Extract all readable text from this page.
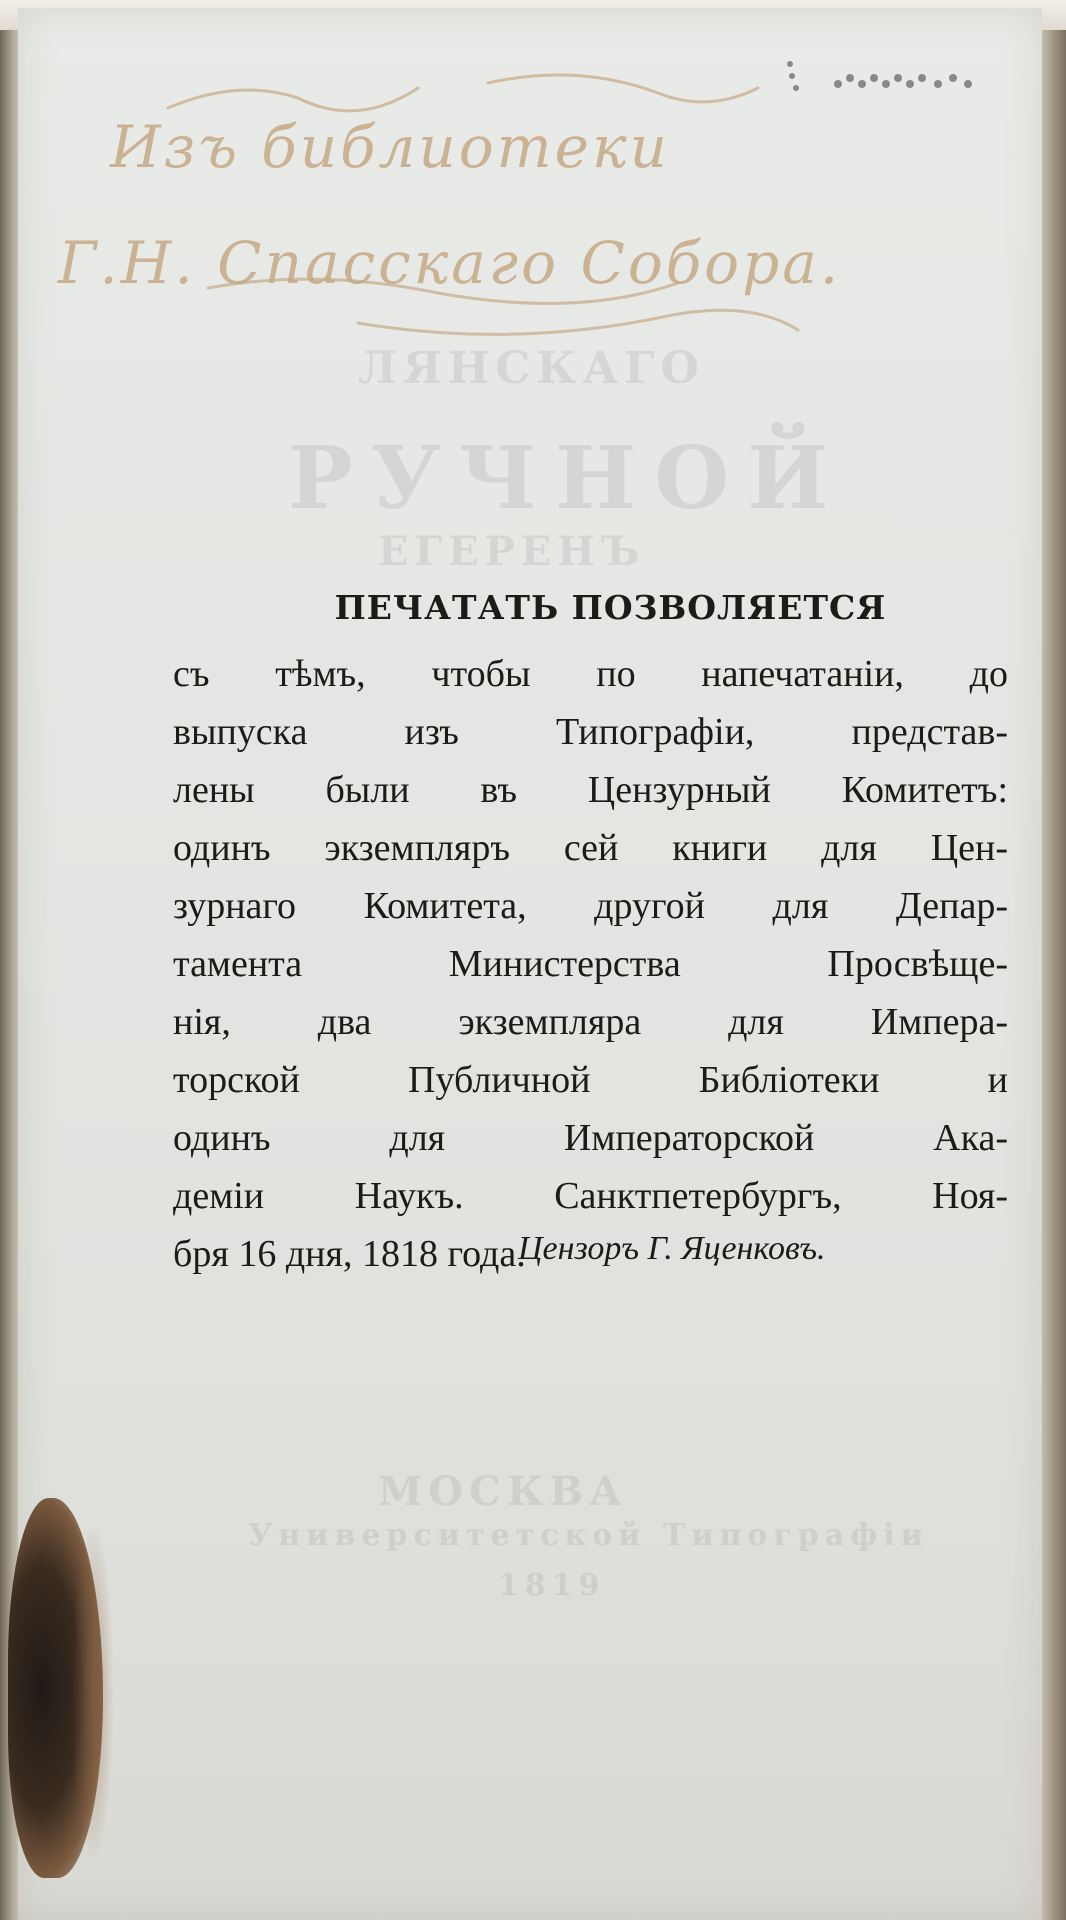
ЛЯНСКАГО
РУЧНОЙ
ЕГЕРЕНЪ
МОСКВА
Университетской Типографiи
1819
Изъ библиотеки
Г.Н. Спасскаго Собора.
ПЕЧАТАТЬ ПОЗВОЛЯЕТСЯ
съ тѣмъ, чтобы по напечатанiи, до
выпуска изъ Типографiи, представ-
лены были въ Цензурный Комитетъ:
одинъ экземпляръ сей книги для Цен-
зурнаго Комитета, другой для Депар-
тамента Министерства Просвѣще-
нiя, два экземпляра для Импера-
торской Публичной Библiотеки и
одинъ для Императорской Ака-
демiи Наукъ. Санктпетербургъ, Ноя-
бря 16 дня, 1818 года.
Цензоръ Г. Яценковъ.
